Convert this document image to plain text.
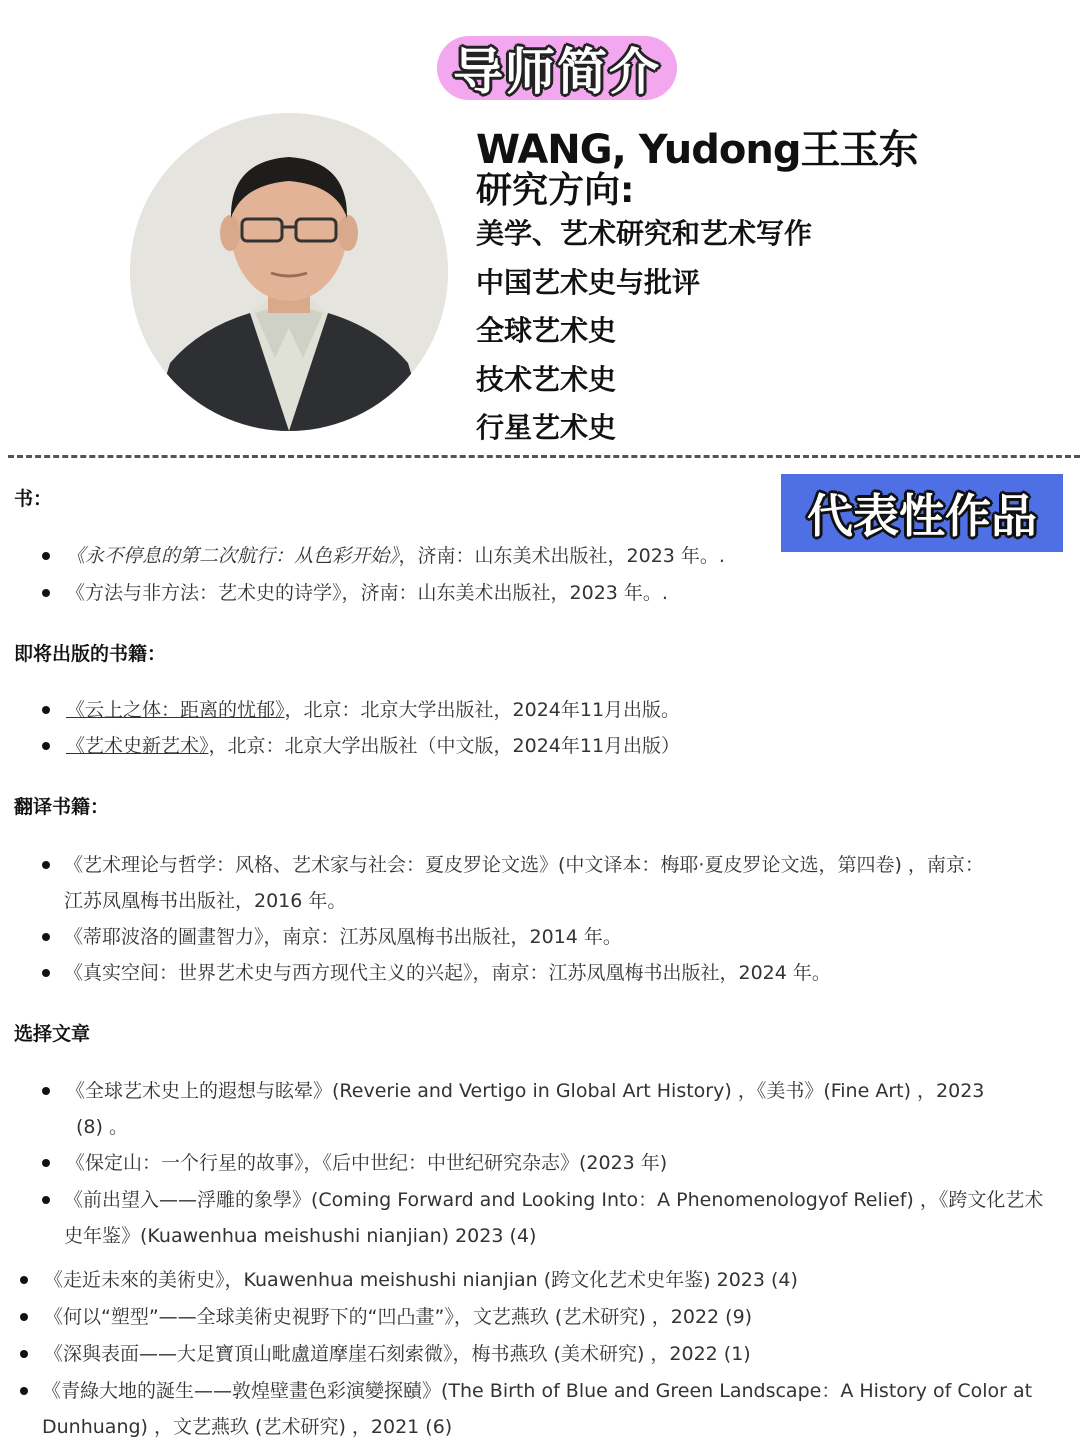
导师简介
WANG, Yudong王玉东
研究方向:
美学、艺术研究和艺术写作
中国艺术史与批评
全球艺术史
技术艺术史
行星艺术史
代表性作品
书：
《永不停息的第二次航行：从色彩开始》，济南：山东美术出版社，2023 年。.
《方法与非方法：艺术史的诗学》，济南：山东美术出版社，2023 年。.
即将出版的书籍：
《云上之体：距离的忧郁》，北京：北京大学出版社，2024年11月出版。
《艺术史新艺术》，北京：北京大学出版社（中文版，2024年11月出版）
翻译书籍：
《艺术理论与哲学：风格、艺术家与社会：夏皮罗论文选》(中文译本：梅耶·夏皮罗论文选，第四卷) ，南京：
江苏凤凰梅书出版社，2016 年。
《蒂耶波洛的圖畫智力》，南京：江苏凤凰梅书出版社，2014 年。
《真实空间：世界艺术史与西方现代主义的兴起》，南京：江苏凤凰梅书出版社，2024 年。
选择文章
《全球艺术史上的遐想与眩晕》(Reverie and Vertigo in Global Art History) ，《美书》(Fine Art) ，2023
(8) 。
《保定山：一个行星的故事》，《后中世纪：中世纪研究杂志》(2023 年)
《前出望入——浮雕的象學》(Coming Forward and Looking Into：A Phenomenologyof Relief) ，《跨文化艺术
史年鉴》(Kuawenhua meishushi nianjian) 2023 (4)
《走近未來的美術史》，Kuawenhua meishushi nianjian (跨文化艺术史年鉴) 2023 (4)
《何以“塑型”——全球美術史視野下的“凹凸畫”》，文艺燕玖 (艺术研究) ，2022 (9)
《深與表面——大足寶頂山毗盧道摩崖石刻索微》，梅书燕玖 (美术研究) ，2022 (1)
《青綠大地的誕生——敦煌壁畫色彩演變探賾》(The Birth of Blue and Green Landscape：A History of Color at
Dunhuang) ，文艺燕玖 (艺术研究) ，2021 (6)
